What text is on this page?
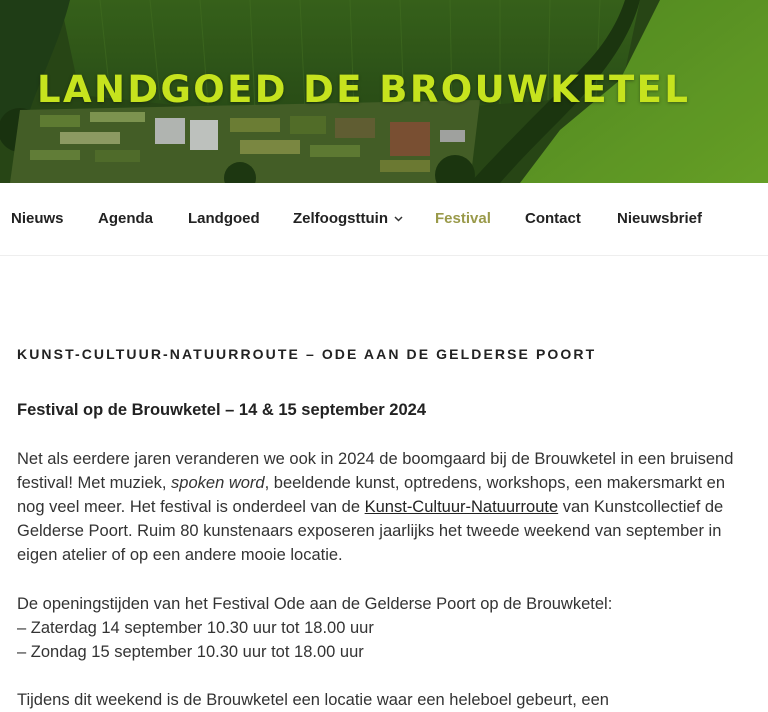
LANDGOED DE BROUWKETEL
Nieuws Agenda Landgoed Zelfoogsttuin	Festival Contact Nieuwsbrief
KUNST-CULTUUR-NATUURROUTE – ODE AAN DE GELDERSE POORT

Festival op de Brouwketel – 14 & 15 september 2024

Net als eerdere jaren veranderen we ook in 2024 de boomgaard bij de Brouwketel in een bruisend festival! Met muziek, spoken word, beeldende kunst, optredens, workshops, een makersmarkt en nog veel meer. Het festival is onderdeel van de Kunst-Cultuur-Natuurroute van Kunstcollectief de Gelderse Poort. Ruim 80 kunstenaars exposeren jaarlijks het tweede weekend van september in eigen atelier of op een andere mooie locatie.

De openingstijden van het Festival Ode aan de Gelderse Poort op de Brouwketel:
– Zaterdag 14 september 10.30 uur tot 18.00 uur
– Zondag 15 september 10.30 uur tot 18.00 uur

Tijdens dit weekend is de Brouwketel een locatie waar een heleboel gebeurt, een
